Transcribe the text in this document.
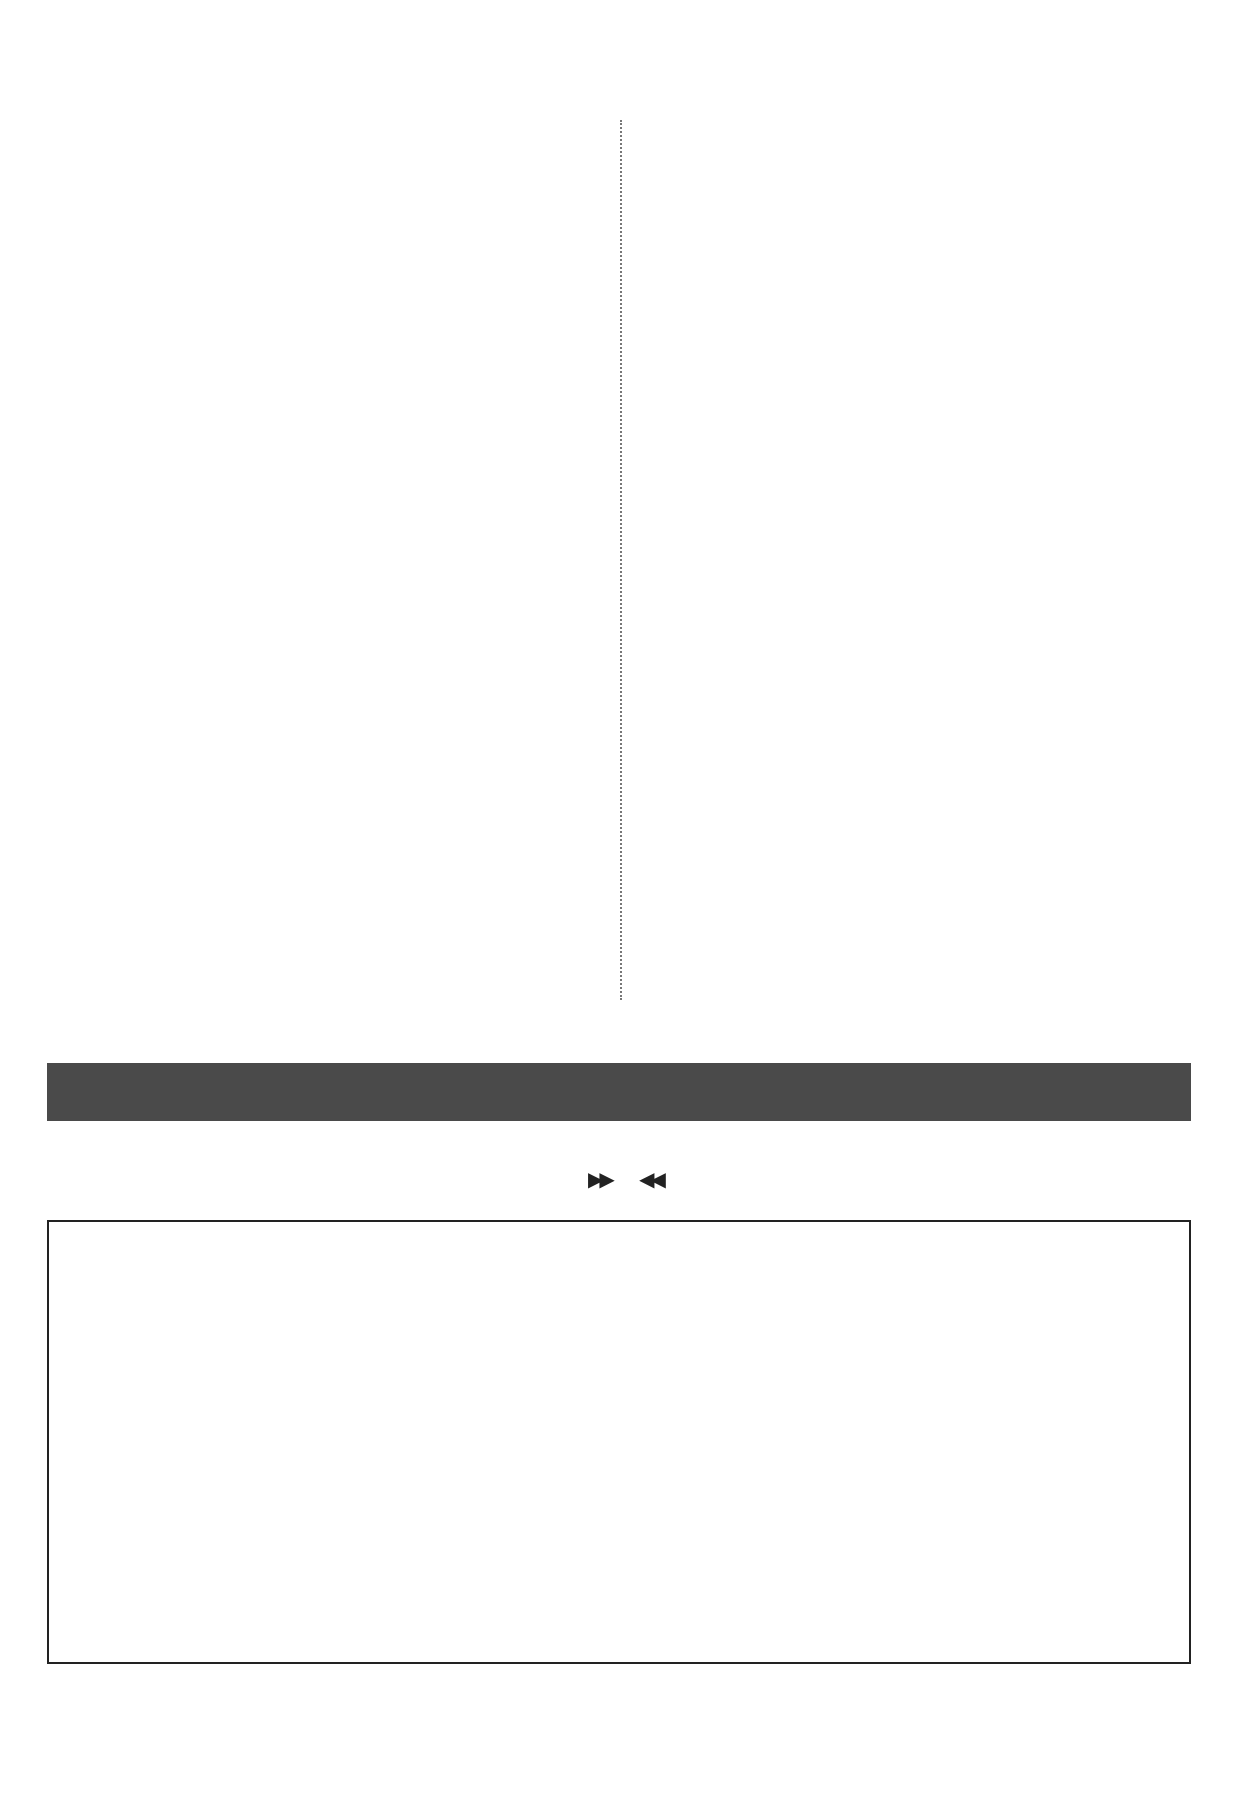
▶▶ ◀◀
